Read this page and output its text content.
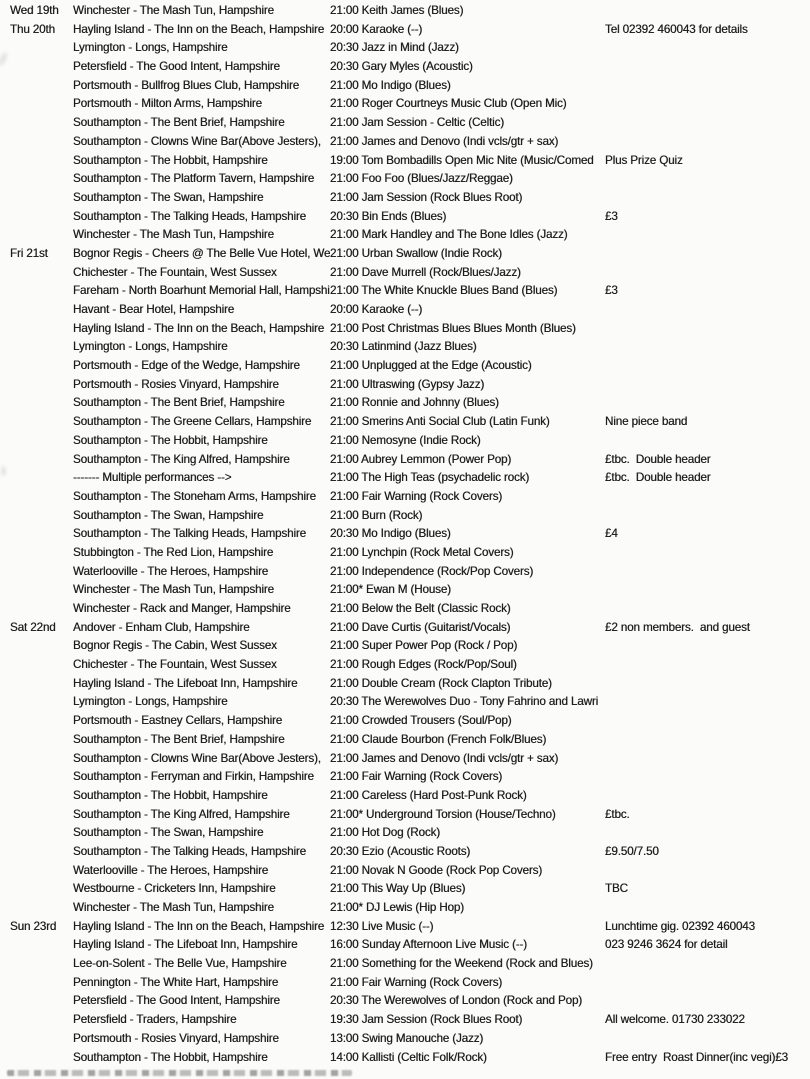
Wed 19th	Winchester - The Mash Tun, Hampshire	21:00 Keith James (Blues)
Thu 20th	Hayling Island - The Inn on the Beach, Hampshire 20:00 Karaoke (--)	Tel 02392 460043 for details
Lymington - Longs, Hampshire	20:30 Jazz in Mind (Jazz)
Petersfield - The Good Intent, Hampshire	20:30 Gary Myles (Acoustic)
Portsmouth - Bullfrog Blues Club, Hampshire	21:00 Mo Indigo (Blues)
Portsmouth - Milton Arms, Hampshire	21:00 Roger Courtneys Music Club (Open Mic)
Southampton - The Bent Brief, Hampshire	21:00 Jam Session - Celtic (Celtic)
Southampton - Clowns Wine Bar(Above Jesters), 21:00 James and Denovo (Indi vcls/gtr + sax)
Southampton - The Hobbit, Hampshire	19:00 Tom Bombadills Open Mic Nite (Music/Comed Plus Prize Quiz
Southampton - The Platform Tavern, Hampshire	21:00 Foo Foo (Blues/Jazz/Reggae)
Southampton - The Swan, Hampshire	21:00 Jam Session (Rock Blues Root)
Southampton - The Talking Heads, Hampshire	20:30 Bin Ends (Blues)	£3
Winchester - The Mash Tun, Hampshire	21:00 Mark Handley and The Bone Idles (Jazz)
Fri 21st	Bognor Regis - Cheers @ The Belle Vue Hotel, We 21:00 Urban Swallow (Indie Rock)
Chichester - The Fountain, West Sussex	21:00 Dave Murrell (Rock/Blues/Jazz)
Fareham - North Boarhunt Memorial Hall, Hampshi 21:00 The White Knuckle Blues Band (Blues)	£3
Havant - Bear Hotel, Hampshire	20:00 Karaoke (--)
Hayling Island - The Inn on the Beach, Hampshire 21:00 Post Christmas Blues Blues Month (Blues)
Lymington - Longs, Hampshire	20:30 Latinmind (Jazz Blues)
Portsmouth - Edge of the Wedge, Hampshire	21:00 Unplugged at the Edge (Acoustic)
Portsmouth - Rosies Vinyard, Hampshire	21:00 Ultraswing (Gypsy Jazz)
Southampton - The Bent Brief, Hampshire	21:00 Ronnie and Johnny (Blues)
Southampton - The Greene Cellars, Hampshire	21:00 Smerins Anti Social Club (Latin Funk)	Nine piece band
Southampton - The Hobbit, Hampshire	21:00 Nemosyne (Indie Rock)
Southampton - The King Alfred, Hampshire	21:00 Aubrey Lemmon (Power Pop)	£tbc.  Double header
------- Multiple performances -->	21:00 The High Teas (psychadelic rock)	£tbc.  Double header
Southampton - The Stoneham Arms, Hampshire	21:00 Fair Warning (Rock Covers)
Southampton - The Swan, Hampshire	21:00 Burn (Rock)
Southampton - The Talking Heads, Hampshire	20:30 Mo Indigo (Blues)	£4
Stubbington - The Red Lion, Hampshire	21:00 Lynchpin (Rock Metal Covers)
Waterlooville - The Heroes, Hampshire	21:00 Independence (Rock/Pop Covers)
Winchester - The Mash Tun, Hampshire	21:00* Ewan M (House)
Winchester - Rack and Manger, Hampshire	21:00 Below the Belt (Classic Rock)
Sat 22nd	Andover - Enham Club, Hampshire	21:00 Dave Curtis (Guitarist/Vocals)	£2 non members.  and guest
Bognor Regis - The Cabin, West Sussex	21:00 Super Power Pop (Rock / Pop)
Chichester - The Fountain, West Sussex	21:00 Rough Edges (Rock/Pop/Soul)
Hayling Island - The Lifeboat Inn, Hampshire	21:00 Double Cream (Rock Clapton Tribute)
Lymington - Longs, Hampshire	20:30 The Werewolves Duo - Tony Fahrino and Lawri
Portsmouth - Eastney Cellars, Hampshire	21:00 Crowded Trousers (Soul/Pop)
Southampton - The Bent Brief, Hampshire	21:00 Claude Bourbon (French Folk/Blues)
Southampton - Clowns Wine Bar(Above Jesters), 21:00 James and Denovo (Indi vcls/gtr + sax)
Southampton - Ferryman and Firkin, Hampshire	21:00 Fair Warning (Rock Covers)
Southampton - The Hobbit, Hampshire	21:00 Careless (Hard Post-Punk Rock)
Southampton - The King Alfred, Hampshire	21:00* Underground Torsion (House/Techno)	£tbc.
Southampton - The Swan, Hampshire	21:00 Hot Dog (Rock)
Southampton - The Talking Heads, Hampshire	20:30 Ezio (Acoustic Roots)	£9.50/7.50
Waterlooville - The Heroes, Hampshire	21:00 Novak N Goode (Rock Pop Covers)
Westbourne - Cricketers Inn, Hampshire	21:00 This Way Up (Blues)	TBC
Winchester - The Mash Tun, Hampshire	21:00* DJ Lewis (Hip Hop)
Sun 23rd	Hayling Island - The Inn on the Beach, Hampshire 12:30 Live Music (--)	Lunchtime gig. 02392 460043
Hayling Island - The Lifeboat Inn, Hampshire	16:00 Sunday Afternoon Live Music (--)	023 9246 3624 for detail
Lee-on-Solent - The Belle Vue, Hampshire	21:00 Something for the Weekend (Rock and Blues)
Pennington - The White Hart, Hampshire	21:00 Fair Warning (Rock Covers)
Petersfield - The Good Intent, Hampshire	20:30 The Werewolves of London (Rock and Pop)
Petersfield - Traders, Hampshire	19:30 Jam Session (Rock Blues Root)	All welcome. 01730 233022
Portsmouth - Rosies Vinyard, Hampshire	13:00 Swing Manouche (Jazz)
Southampton - The Hobbit, Hampshire	14:00 Kallisti (Celtic Folk/Rock)	Free entry  Roast Dinner(inc vegi)£3
